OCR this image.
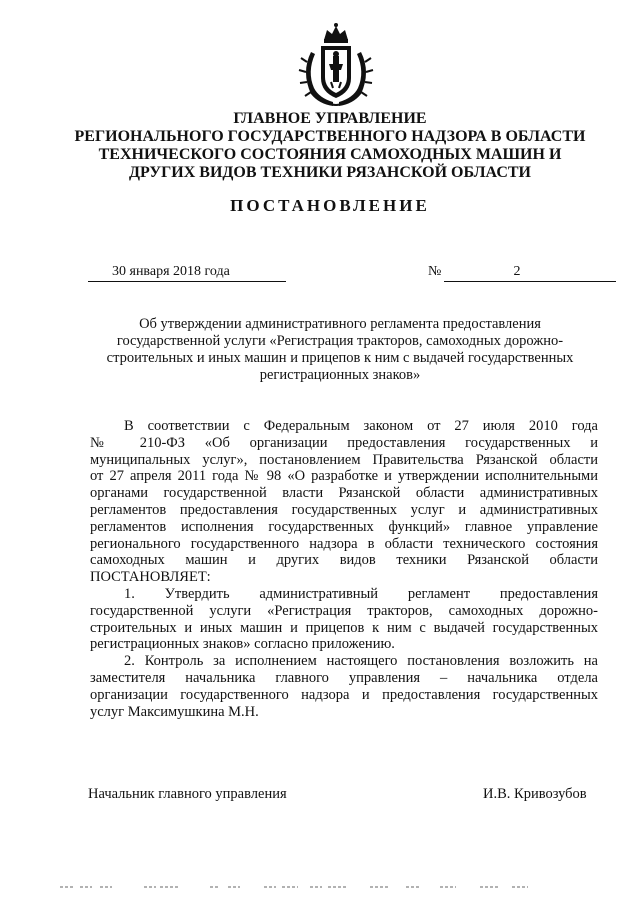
ГЛАВНОЕ УПРАВЛЕНИЕ
РЕГИОНАЛЬНОГО ГОСУДАРСТВЕННОГО НАДЗОРА В ОБЛАСТИ
ТЕХНИЧЕСКОГО СОСТОЯНИЯ САМОХОДНЫХ МАШИН И
ДРУГИХ ВИДОВ ТЕХНИКИ РЯЗАНСКОЙ ОБЛАСТИ
ПОСТАНОВЛЕНИЕ
30 января 2018 года	№	2
Об утверждении административного регламента предоставления
государственной услуги «Регистрация тракторов, самоходных дорожно-
строительных и иных машин и прицепов к ним с выдачей государственных
регистрационных знаков»
В соответствии с Федеральным законом от 27 июля 2010 года
№ 210-ФЗ «Об организации предоставления государственных и
муниципальных услуг», постановлением Правительства Рязанской области
от 27 апреля 2011 года № 98 «О разработке и утверждении исполнительными
органами государственной власти Рязанской области административных
регламентов предоставления государственных услуг и административных
регламентов исполнения государственных функций» главное управление
регионального государственного надзора в области технического состояния
самоходных машин и других видов техники Рязанской области
ПОСТАНОВЛЯЕТ:
1. Утвердить административный регламент предоставления
государственной услуги «Регистрация тракторов, самоходных дорожно-
строительных и иных машин и прицепов к ним с выдачей государственных
регистрационных знаков» согласно приложению.
2. Контроль за исполнением настоящего постановления возложить на
заместителя начальника главного управления – начальника отдела
организации государственного надзора и предоставления государственных
услуг Максимушкина М.Н.
Начальник главного управления	И.В. Кривозубов
